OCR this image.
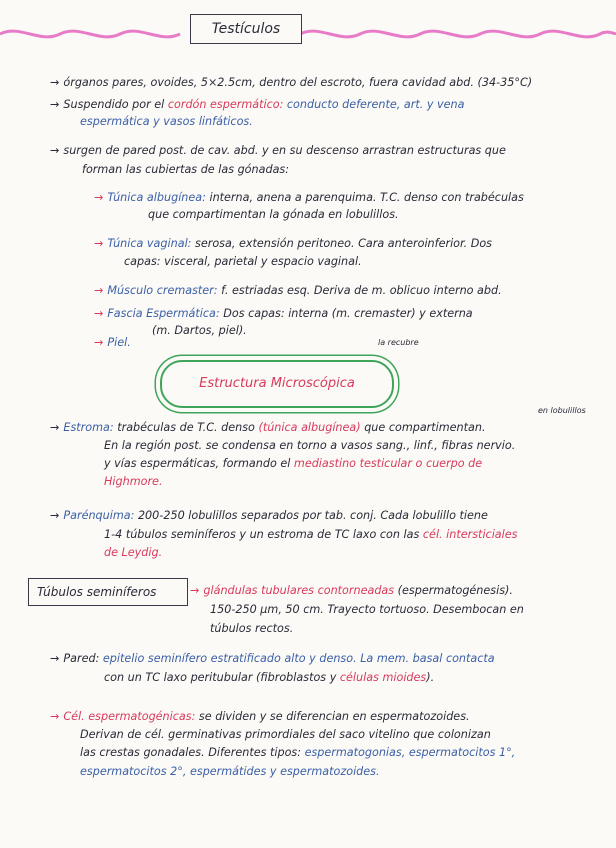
Testículos
→ órganos pares, ovoides, 5×2.5cm, dentro del escroto, fuera cavidad abd. (34-35°C)
→ Suspendido por el cordón espermático: conducto deferente, art. y vena
espermática y vasos linfáticos.
→ surgen de pared post. de cav. abd. y en su descenso arrastran estructuras que
forman las cubiertas de las gónadas:
→ Túnica albugínea: interna, anena a parenquima. T.C. denso con trabéculas
que compartimentan la gónada en lobulillos.
→ Túnica vaginal: serosa, extensión peritoneo. Cara anteroinferior. Dos
capas: visceral, parietal y espacio vaginal.
→ Músculo cremaster: f. estriadas esq. Deriva de m. oblicuo interno abd.
→ Fascia Espermática: Dos capas: interna (m. cremaster) y externa
(m. Dartos, piel).
la recubre
→ Piel.
Estructura Microscópica
en lobulillos
→ Estroma: trabéculas de T.C. denso (túnica albugínea) que compartimentan.
En la región post. se condensa en torno a vasos sang., linf., fibras nervio.
y vías espermáticas, formando el mediastino testicular o cuerpo de
Highmore.
→ Parénquima: 200-250 lobulillos separados por tab. conj. Cada lobulillo tiene
1-4 túbulos seminíferos y un estroma de TC laxo con las cél. intersticiales
de Leydig.
Túbulos seminíferos	→ glándulas tubulares contorneadas (espermatogénesis).
150-250 µm, 50 cm. Trayecto tortuoso. Desembocan en
túbulos rectos.
→ Pared: epitelio seminífero estratificado alto y denso. La mem. basal contacta
con un TC laxo peritubular (fibroblastos y células mioides).
→ Cél. espermatogénicas: se dividen y se diferencian en espermatozoides.
Derivan de cél. germinativas primordiales del saco vitelino que colonizan
las crestas gonadales. Diferentes tipos: espermatogonias, espermatocitos 1°,
espermatocitos 2°, espermátides y espermatozoides.
